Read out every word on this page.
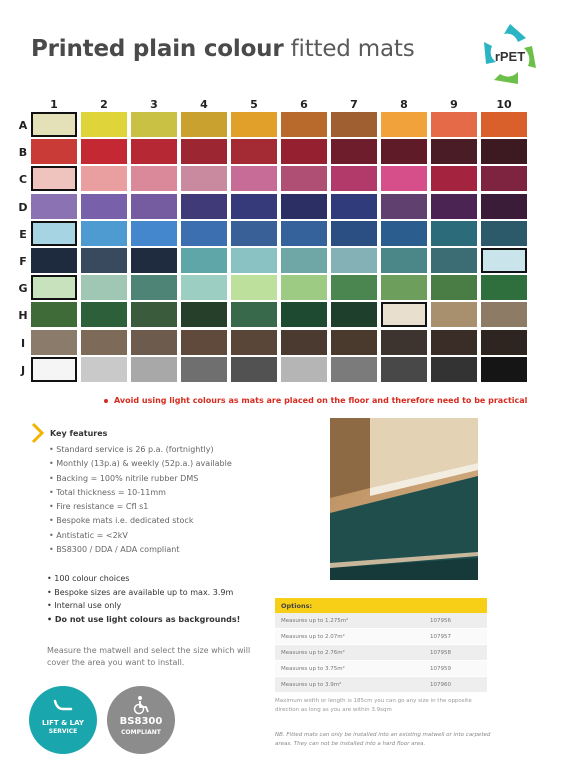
Printed plain colour fitted mats	rPET
1	2	3	4	5	6	7	8	9	10
A
B
C
D
E
F
G
H
I
J
Avoid using light colours as mats are placed on the floor and therefore need to be practical
Key features
• Standard service is 26 p.a. (fortnightly)
• Monthly (13p.a) & weekly (52p.a.) available
• Backing = 100% nitrile rubber DMS
• Total thickness = 10-11mm
• Fire resistance = Cfl s1
• Bespoke mats i.e. dedicated stock
• Antistatic = <2kV
• BS8300 / DDA / ADA compliant
• 100 colour choices
• Bespoke sizes are available up to max. 3.9m
• Internal use only
• Do not use light colours as backgrounds!
Measure the matwell and select the size which will cover the area you want to install.
LIFT & LAY
SERVICE
BS8300
COMPLIANT
Options:
Measures up to 1.275m²	107956
Measures up to 2.07m²	107957
Measures up to 2.76m²	107958
Measures up to 3.75m²	107959
Measures up to 3.9m²	107960
Maximum width or length is 185cm you can go any size in the opposite direction as long as you are within 3.9sqm
NB. Fitted mats can only be installed into an existing matwell or into carpeted areas. They can not be installed into a hard floor area.
